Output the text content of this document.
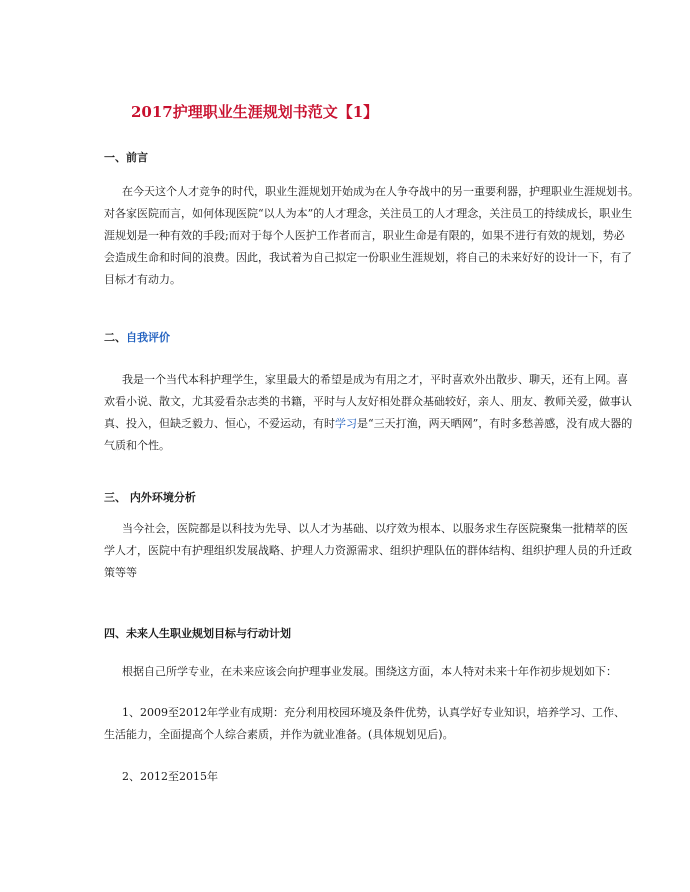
2017护理职业生涯规划书范文【1】
一、前言
在今天这个人才竞争的时代，职业生涯规划开始成为在人争夺战中的另一重要利器，护理职业生涯规划书。
对各家医院而言，如何体现医院“以人为本”的人才理念，关注员工的人才理念，关注员工的持续成长，职业生
涯规划是一种有效的手段;而对于每个人医护工作者而言，职业生命是有限的，如果不进行有效的规划，势必
会造成生命和时间的浪费。因此，我试着为自己拟定一份职业生涯规划，将自己的未来好好的设计一下，有了
目标才有动力。
二、自我评价
我是一个当代本科护理学生，家里最大的希望是成为有用之才，平时喜欢外出散步、聊天，还有上网。喜
欢看小说、散文，尤其爱看杂志类的书籍，平时与人友好相处群众基础较好，亲人、朋友、教师关爱，做事认
真、投入，但缺乏毅力、恒心，不爱运动，有时学习是“三天打渔，两天晒网”，有时多愁善感，没有成大器的
气质和个性。
三、 内外环境分析
当今社会，医院都是以科技为先导、以人才为基础、以疗效为根本、以服务求生存医院聚集一批精萃的医
学人才，医院中有护理组织发展战略、护理人力资源需求、组织护理队伍的群体结构、组织护理人员的升迁政
策等等
四、未来人生职业规划目标与行动计划
根据自己所学专业，在未来应该会向护理事业发展。围绕这方面，本人特对未来十年作初步规划如下：
1、2009至2012年学业有成期：充分利用校园环境及条件优势，认真学好专业知识，培养学习、工作、
生活能力，全面提高个人综合素质，并作为就业准备。(具体规划见后)。
2、2012至2015年
